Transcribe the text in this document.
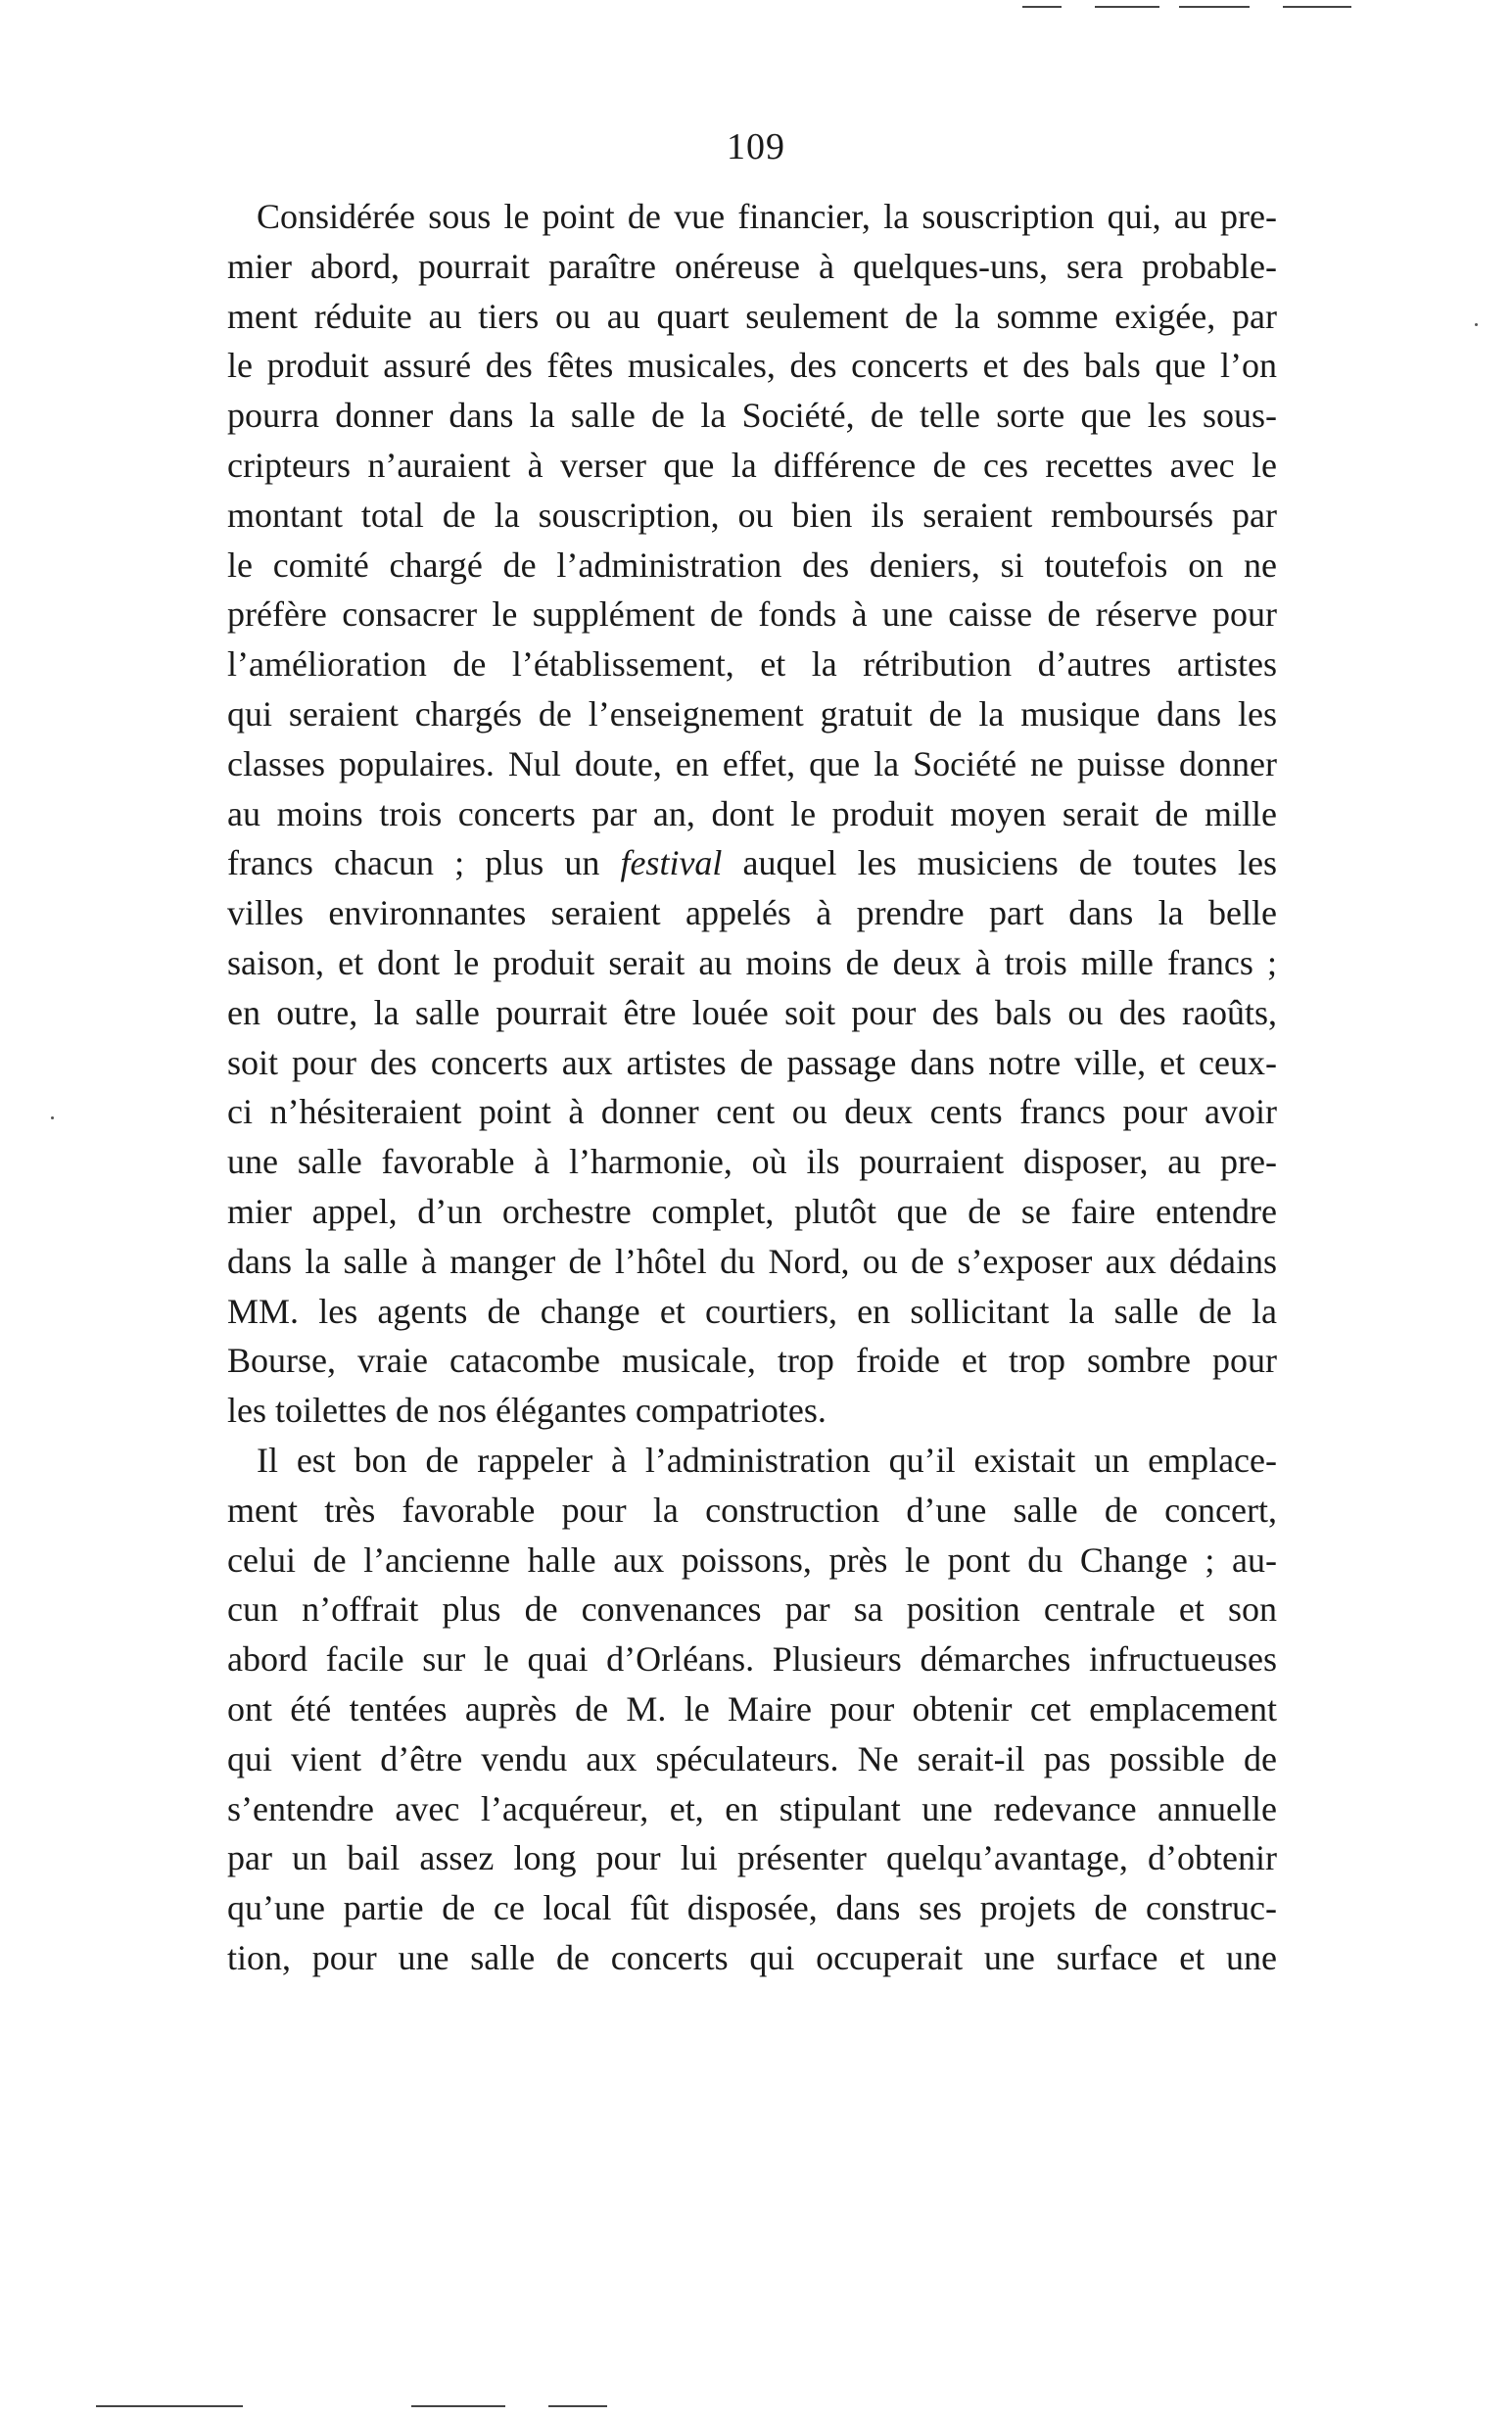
109
Considérée sous le point de vue financier, la souscription qui, au pre-
mier abord, pourrait paraître onéreuse à quelques-uns, sera probable-
ment réduite au tiers ou au quart seulement de la somme exigée, par
le produit assuré des fêtes musicales, des concerts et des bals que l’on
pourra donner dans la salle de la Société, de telle sorte que les sous-
cripteurs n’auraient à verser que la différence de ces recettes avec le
montant total de la souscription, ou bien ils seraient remboursés par
le comité chargé de l’administration des deniers, si toutefois on ne
préfère consacrer le supplément de fonds à une caisse de réserve pour
l’amélioration de l’établissement, et la rétribution d’autres artistes
qui seraient chargés de l’enseignement gratuit de la musique dans les
classes populaires. Nul doute, en effet, que la Société ne puisse donner
au moins trois concerts par an, dont le produit moyen serait de mille
francs chacun ; plus un festival auquel les musiciens de toutes les
villes environnantes seraient appelés à prendre part dans la belle
saison, et dont le produit serait au moins de deux à trois mille francs ;
en outre, la salle pourrait être louée soit pour des bals ou des raoûts,
soit pour des concerts aux artistes de passage dans notre ville, et ceux-
ci n’hésiteraient point à donner cent ou deux cents francs pour avoir
une salle favorable à l’harmonie, où ils pourraient disposer, au pre-
mier appel, d’un orchestre complet, plutôt que de se faire entendre
dans la salle à manger de l’hôtel du Nord, ou de s’exposer aux dédains
MM. les agents de change et courtiers, en sollicitant la salle de la
Bourse, vraie catacombe musicale, trop froide et trop sombre pour
les toilettes de nos élégantes compatriotes.
Il est bon de rappeler à l’administration qu’il existait un emplace-
ment très favorable pour la construction d’une salle de concert,
celui de l’ancienne halle aux poissons, près le pont du Change ; au-
cun n’offrait plus de convenances par sa position centrale et son
abord facile sur le quai d’Orléans. Plusieurs démarches infructueuses
ont été tentées auprès de M. le Maire pour obtenir cet emplacement
qui vient d’être vendu aux spéculateurs. Ne serait-il pas possible de
s’entendre avec l’acquéreur, et, en stipulant une redevance annuelle
par un bail assez long pour lui présenter quelqu’avantage, d’obtenir
qu’une partie de ce local fût disposée, dans ses projets de construc-
tion, pour une salle de concerts qui occuperait une surface et une
